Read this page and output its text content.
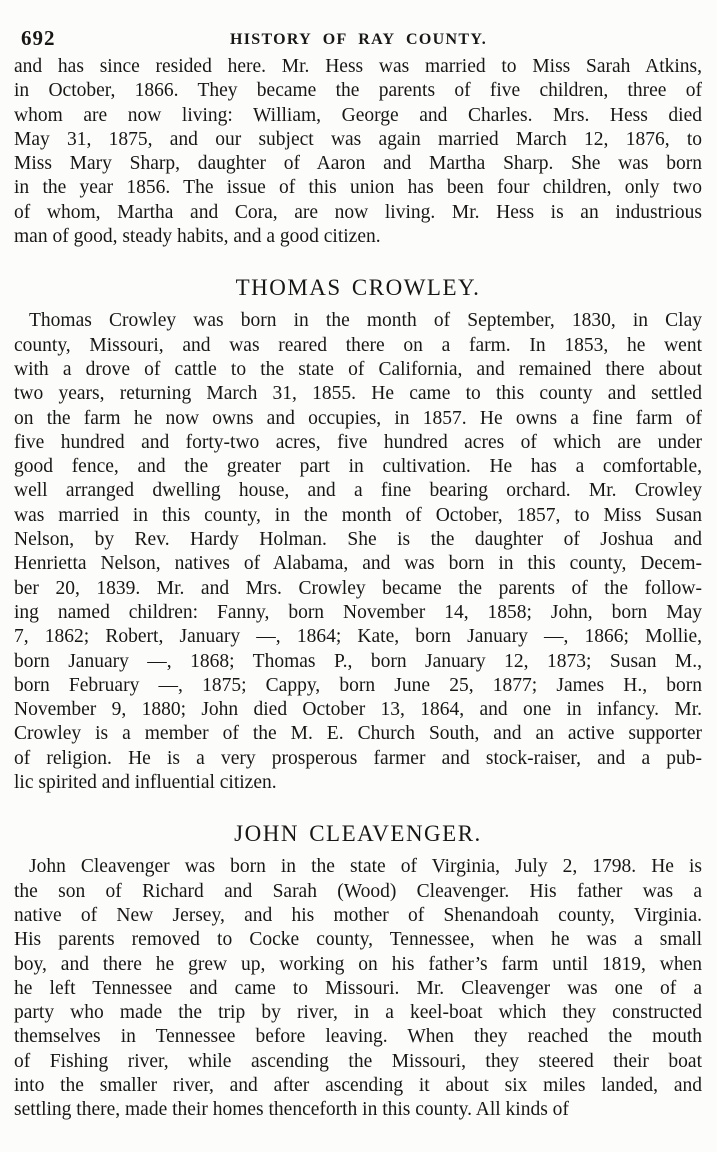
692	HISTORY OF RAY COUNTY.
and has since resided here. Mr. Hess was married to Miss Sarah Atkins,
in October, 1866. They became the parents of five children, three of
whom are now living: William, George and Charles. Mrs. Hess died
May 31, 1875, and our subject was again married March 12, 1876, to
Miss Mary Sharp, daughter of Aaron and Martha Sharp. She was born
in the year 1856. The issue of this union has been four children, only two
of whom, Martha and Cora, are now living. Mr. Hess is an industrious
man of good, steady habits, and a good citizen.
THOMAS CROWLEY.
Thomas Crowley was born in the month of September, 1830, in Clay
county, Missouri, and was reared there on a farm. In 1853, he went
with a drove of cattle to the state of California, and remained there about
two years, returning March 31, 1855. He came to this county and settled
on the farm he now owns and occupies, in 1857. He owns a fine farm of
five hundred and forty-two acres, five hundred acres of which are under
good fence, and the greater part in cultivation. He has a comfortable,
well arranged dwelling house, and a fine bearing orchard. Mr. Crowley
was married in this county, in the month of October, 1857, to Miss Susan
Nelson, by Rev. Hardy Holman. She is the daughter of Joshua and
Henrietta Nelson, natives of Alabama, and was born in this county, Decem-
ber 20, 1839. Mr. and Mrs. Crowley became the parents of the follow-
ing named children: Fanny, born November 14, 1858; John, born May
7, 1862; Robert, January —, 1864; Kate, born January —, 1866; Mollie,
born January —, 1868; Thomas P., born January 12, 1873; Susan M.,
born February —, 1875; Cappy, born June 25, 1877; James H., born
November 9, 1880; John died October 13, 1864, and one in infancy. Mr.
Crowley is a member of the M. E. Church South, and an active supporter
of religion. He is a very prosperous farmer and stock-raiser, and a pub-
lic spirited and influential citizen.
JOHN CLEAVENGER.
John Cleavenger was born in the state of Virginia, July 2, 1798. He is
the son of Richard and Sarah (Wood) Cleavenger. His father was a
native of New Jersey, and his mother of Shenandoah county, Virginia.
His parents removed to Cocke county, Tennessee, when he was a small
boy, and there he grew up, working on his father’s farm until 1819, when
he left Tennessee and came to Missouri. Mr. Cleavenger was one of a
party who made the trip by river, in a keel-boat which they constructed
themselves in Tennessee before leaving. When they reached the mouth
of Fishing river, while ascending the Missouri, they steered their boat
into the smaller river, and after ascending it about six miles landed, and
settling there, made their homes thenceforth in this county. All kinds of
